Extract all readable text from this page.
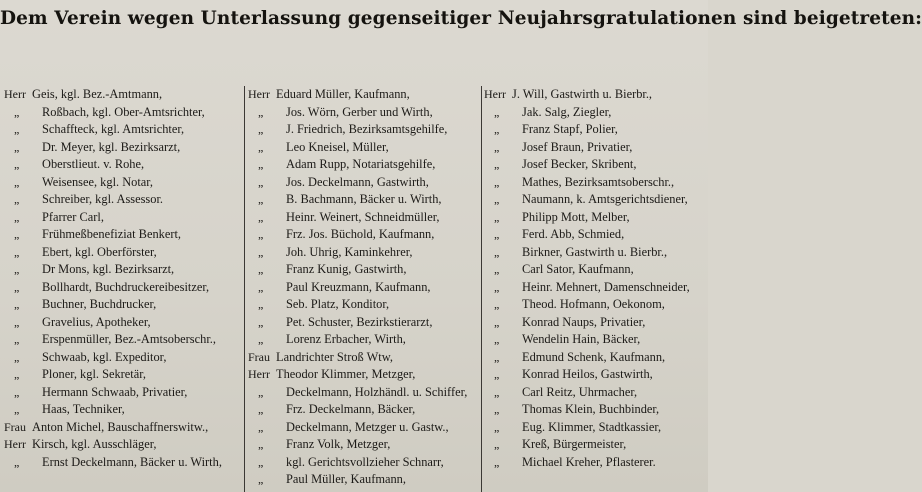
Dem Verein wegen Unterlassung gegenseitiger Neujahrsgratulationen sind beigetreten:
Herr Geis, kgl. Bez.-Amtmann,
„	Roßbach, kgl. Ober-Amtsrichter,
„	Schaffteck, kgl. Amtsrichter,
„	Dr. Meyer, kgl. Bezirksarzt,
„	Oberstlieut. v. Rohe,
„	Weisensee, kgl. Notar,
„	Schreiber, kgl. Assessor.
„	Pfarrer Carl,
„	Frühmeßbenefiziat Benkert,
„	Ebert, kgl. Oberförster,
„	Dr Mons, kgl. Bezirksarzt,
„	Bollhardt, Buchdruckereibesitzer,
„	Buchner, Buchdrucker,
„	Gravelius, Apotheker,
„	Erspenmüller, Bez.-Amtsoberschr.,
„	Schwaab, kgl. Expeditor,
„	Ploner, kgl. Sekretär,
„	Hermann Schwaab, Privatier,
„	Haas, Techniker,
Frau Anton Michel, Bauschaffnerswitw.,
Herr Kirsch, kgl. Ausschläger,
„	Ernst Deckelmann, Bäcker u. Wirth,
Herr Eduard Müller, Kaufmann,
„	Jos. Wörn, Gerber und Wirth,
„	J. Friedrich, Bezirksamtsgehilfe,
„	Leo Kneisel, Müller,
„	Adam Rupp, Notariatsgehilfe,
„	Jos. Deckelmann, Gastwirth,
„	B. Bachmann, Bäcker u. Wirth,
„	Heinr. Weinert, Schneidmüller,
„	Frz. Jos. Büchold, Kaufmann,
„	Joh. Uhrig, Kaminkehrer,
„	Franz Kunig, Gastwirth,
„	Paul Kreuzmann, Kaufmann,
„	Seb. Platz, Konditor,
„	Pet. Schuster, Bezirkstierarzt,
„	Lorenz Erbacher, Wirth,
Frau Landrichter Stroß Wtw,
Herr Theodor Klimmer, Metzger,
„	Deckelmann, Holzhändl. u. Schiffer,
„	Frz. Deckelmann, Bäcker,
„	Deckelmann, Metzger u. Gastw.,
„	Franz Volk, Metzger,
„	kgl. Gerichtsvollzieher Schnarr,
„	Paul Müller, Kaufmann,
Herr J. Will, Gastwirth u. Bierbr.,
„	Jak. Salg, Ziegler,
„	Franz Stapf, Polier,
„	Josef Braun, Privatier,
„	Josef Becker, Skribent,
„	Mathes, Bezirksamtsoberschr.,
„	Naumann, k. Amtsgerichtsdiener,
„	Philipp Mott, Melber,
„	Ferd. Abb, Schmied,
„	Birkner, Gastwirth u. Bierbr.,
„	Carl Sator, Kaufmann,
„	Heinr. Mehnert, Damenschneider,
„	Theod. Hofmann, Oekonom,
„	Konrad Naups, Privatier,
„	Wendelin Hain, Bäcker,
„	Edmund Schenk, Kaufmann,
„	Konrad Heilos, Gastwirth,
„	Carl Reitz, Uhrmacher,
„	Thomas Klein, Buchbinder,
„	Eug. Klimmer, Stadtkassier,
„	Kreß, Bürgermeister,
„	Michael Kreher, Pflasterer.
